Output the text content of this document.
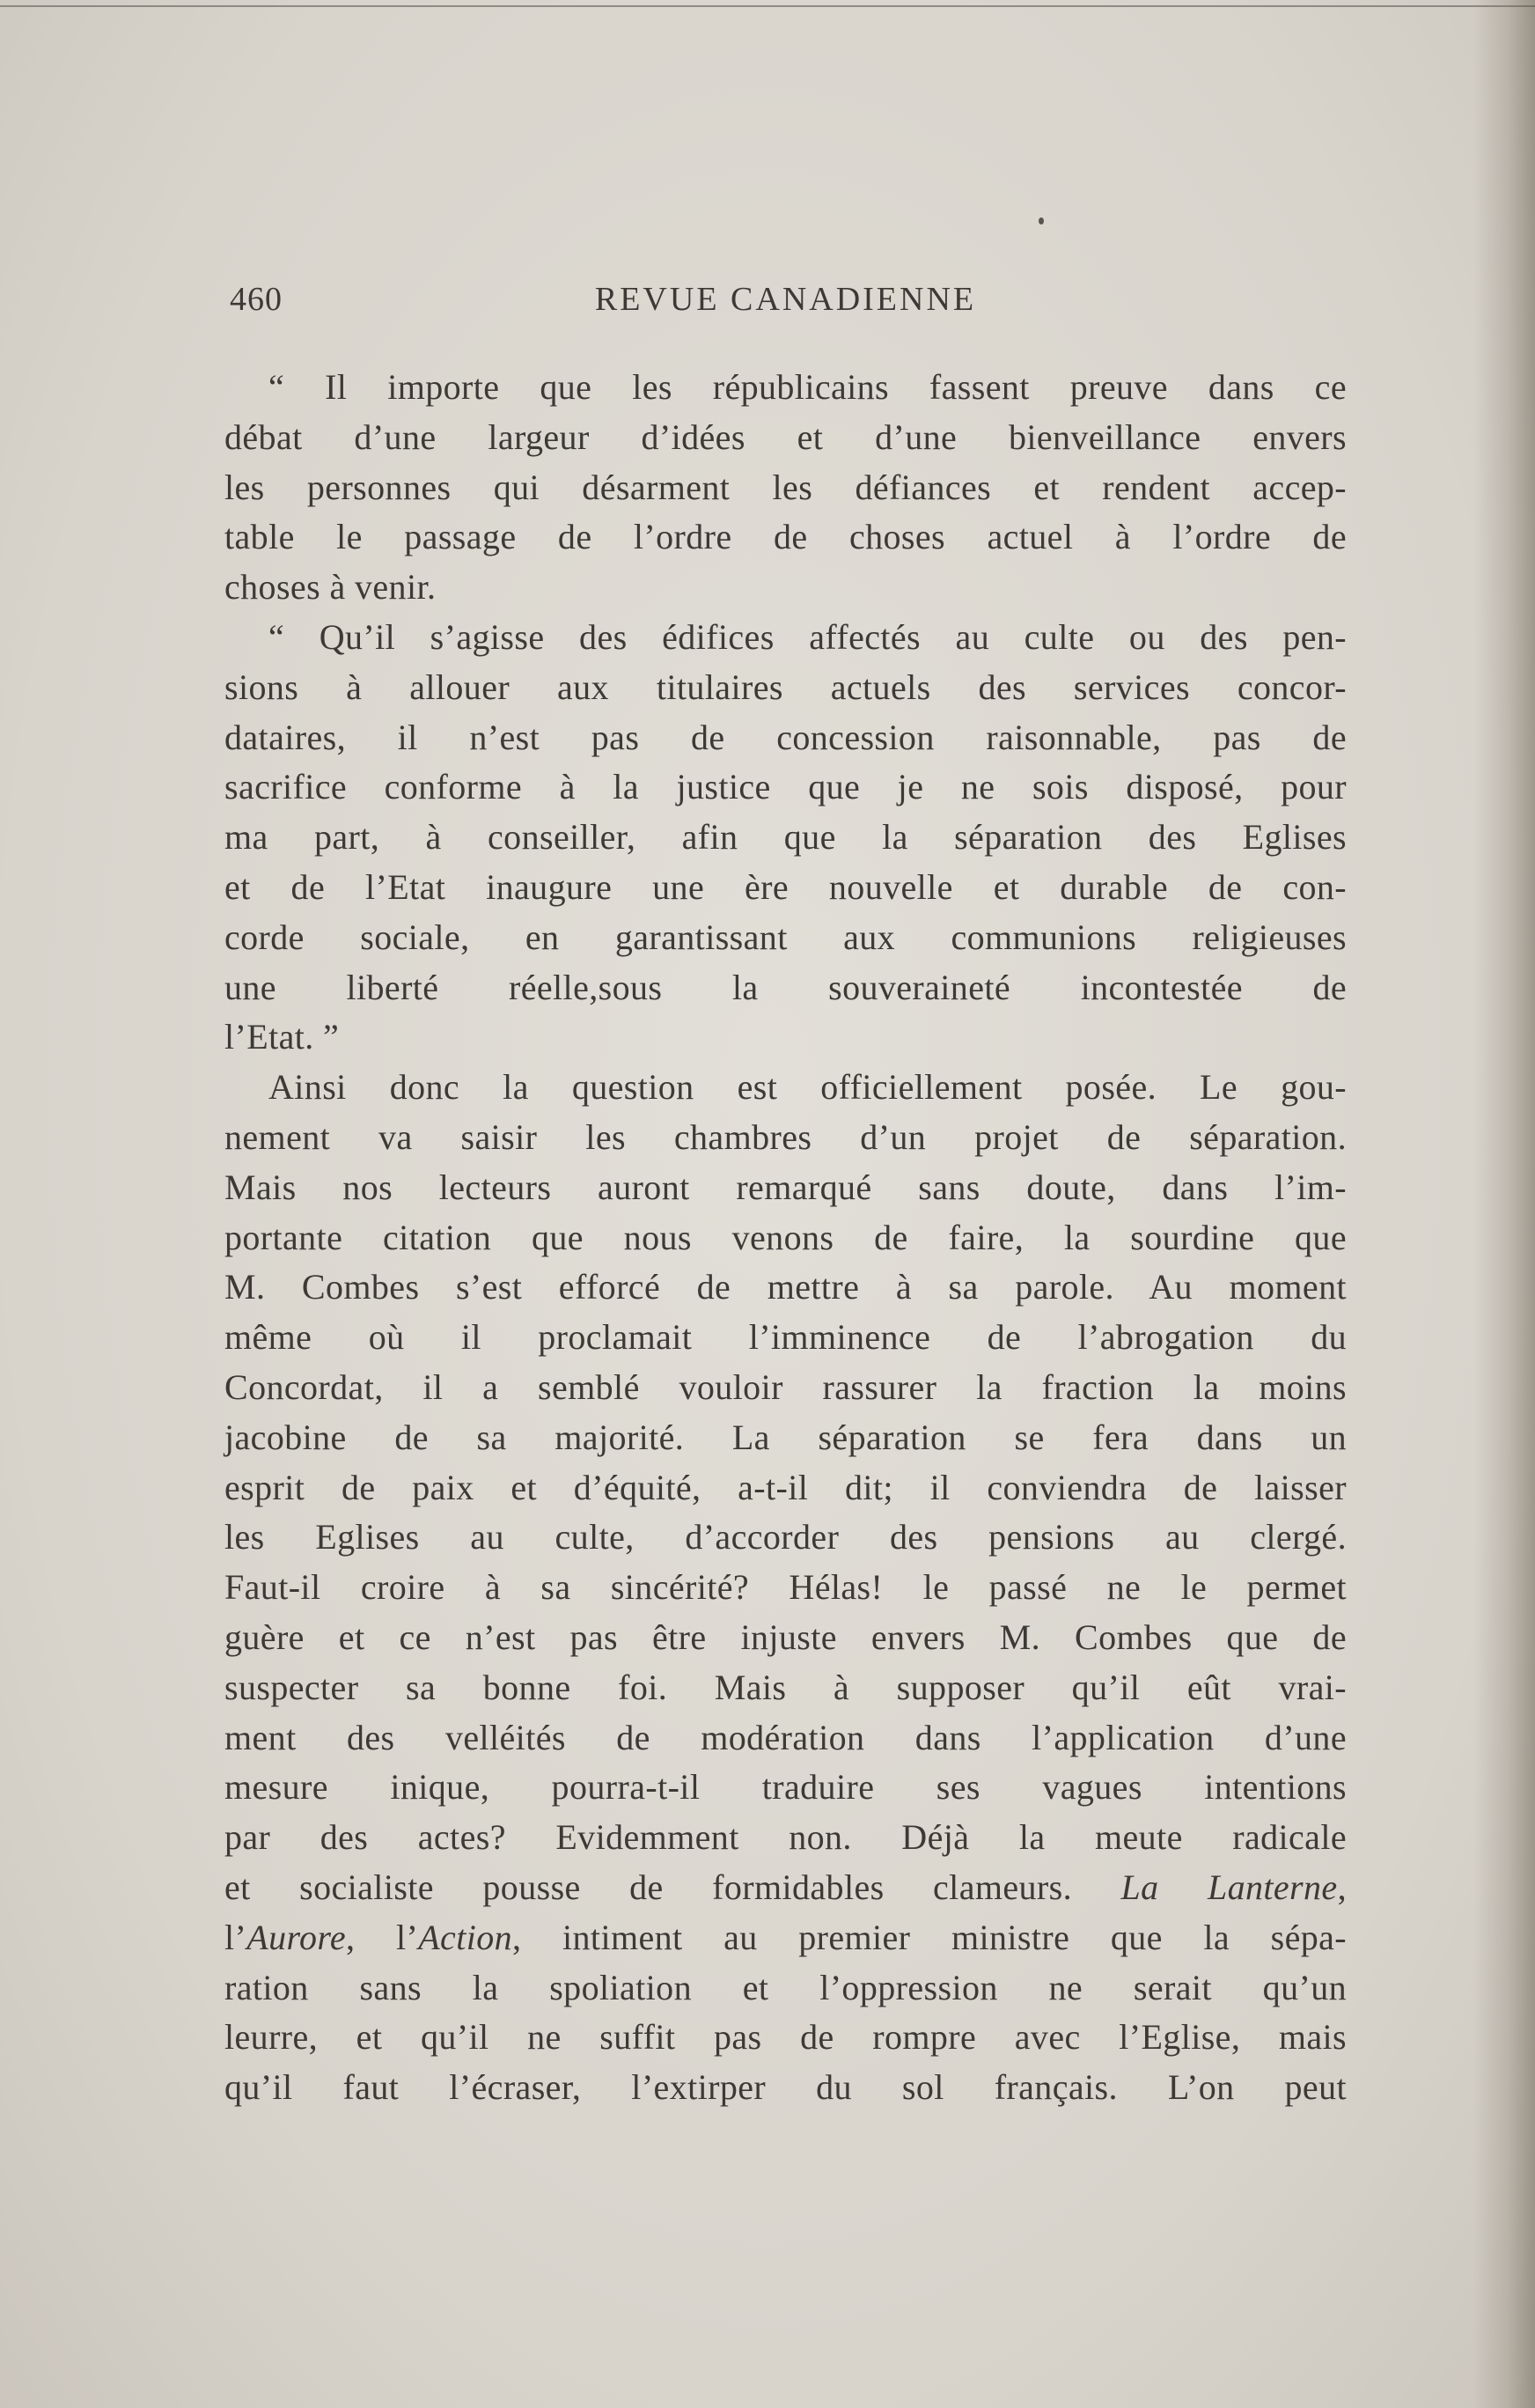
460	REVUE CANADIENNE
“ Il importe que les républicains fassent preuve dans ce
débat d’une largeur d’idées et d’une bienveillance envers
les personnes qui désarment les défiances et rendent accep-
table le passage de l’ordre de choses actuel à l’ordre de
choses à venir.
“ Qu’il s’agisse des édifices affectés au culte ou des pen-
sions à allouer aux titulaires actuels des services concor-
dataires, il n’est pas de concession raisonnable, pas de
sacrifice conforme à la justice que je ne sois disposé, pour
ma part, à conseiller, afin que la séparation des Eglises
et de l’Etat inaugure une ère nouvelle et durable de con-
corde sociale, en garantissant aux communions religieuses
une liberté réelle,sous la souveraineté incontestée de
l’Etat. ”
Ainsi donc la question est officiellement posée. Le gou-
nement va saisir les chambres d’un projet de séparation.
Mais nos lecteurs auront remarqué sans doute, dans l’im-
portante citation que nous venons de faire, la sourdine que
M. Combes s’est efforcé de mettre à sa parole. Au moment
même où il proclamait l’imminence de l’abrogation du
Concordat, il a semblé vouloir rassurer la fraction la moins
jacobine de sa majorité. La séparation se fera dans un
esprit de paix et d’équité, a-t-il dit; il conviendra de laisser
les Eglises au culte, d’accorder des pensions au clergé.
Faut-il croire à sa sincérité? Hélas! le passé ne le permet
guère et ce n’est pas être injuste envers M. Combes que de
suspecter sa bonne foi. Mais à supposer qu’il eût vrai-
ment des velléités de modération dans l’application d’une
mesure inique, pourra-t-il traduire ses vagues intentions
par des actes? Evidemment non. Déjà la meute radicale
et socialiste pousse de formidables clameurs. La Lanterne,
l’Aurore, l’Action, intiment au premier ministre que la sépa-
ration sans la spoliation et l’oppression ne serait qu’un
leurre, et qu’il ne suffit pas de rompre avec l’Eglise, mais
qu’il faut l’écraser, l’extirper du sol français. L’on peut
